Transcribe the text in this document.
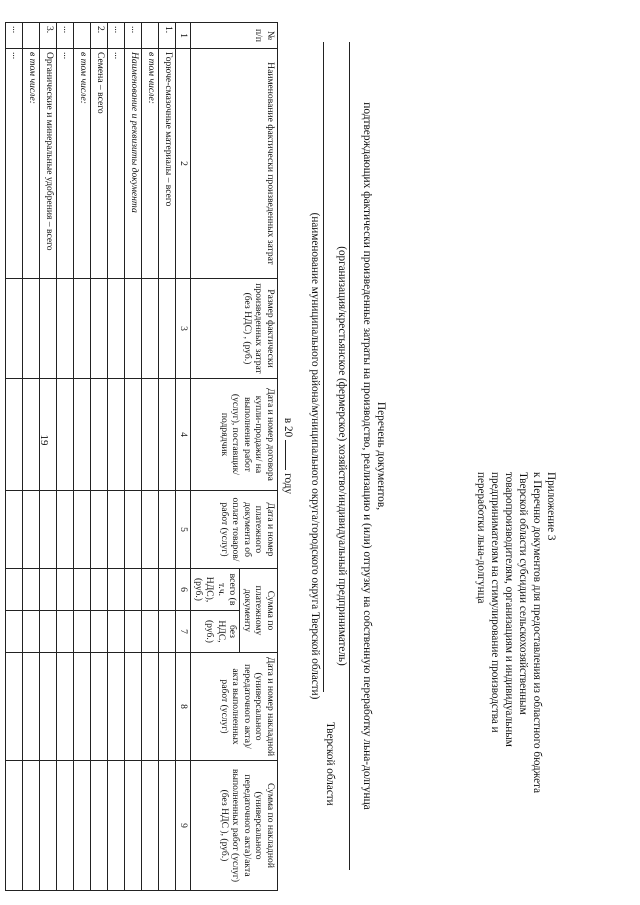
19
Приложение 3
к Перечню документов для предоставления из областного бюджета
Тверской области субсидии сельскохозяйственным
товаропроизводителям, организациям и индивидуальным
предпринимателям на стимулирование производства и
переработки льна-долгунца
Перечень документов,
подтверждающих фактически произведенные затраты на производство, реализацию и (или) отгрузку на собственную переработку льна-долгунца
(организация/крестьянское (фермерское) хозяйство/индивидуальный предприниматель)
Тверской области
(наименование муниципального района/муниципального округа/городского округа Тверской области)
в 20году
№ п/п	Наименование фактически произведенных затрат	Размер фактически произведенных затрат (без НДС) , (руб.)	Дата и номер договора купли-продажи/ на выполнение работ (услуг), поставщик/подрядчик	Дата и номер платежного документа об оплате товаров/работ (услуг)	Сумма по платежному документу		Дата и номер накладной (универсального передаточного акта)/акта выполненных работ (услуг)	Сумма по накладной (универсального передаточного акта)/акта выполненных работ (услуг) (без НДС ), (руб.)
					всего (в т.ч. НДС), (руб.)	без НДС, (руб.)		
1	2	3	4	5	6	7	8	9
1.	Горюче-смазочные материалы – всего							
	в том числе:							
...	Наименование и реквизиты документа							
...	...							
2.	Семена – всего							
	в том числе:							
...	...							
3.	Органические и минеральные удобрения – всего							
	в том числе:							
...	...							
